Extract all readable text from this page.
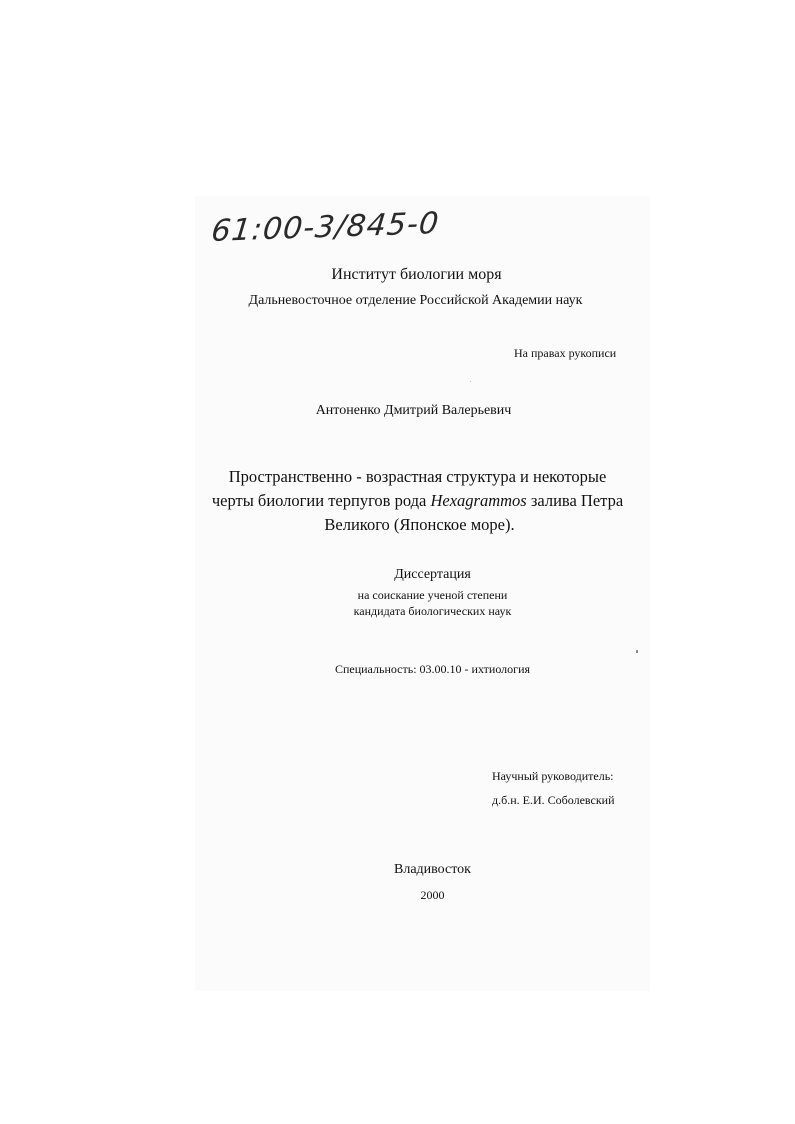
61:00-3/845-0
Институт биологии моря
Дальневосточное отделение Российской Академии наук
На правах рукописи
Антоненко Дмитрий Валерьевич
Пространственно - возрастная структура и некоторые
черты биологии терпугов рода Hexagrammos залива Петра
Великого (Японское море).
Диссертация
на соискание ученой степени
кандидата биологических наук
Специальность: 03.00.10 - ихтиология
Научный руководитель:
д.б.н. Е.И. Соболевский
Владивосток
2000
